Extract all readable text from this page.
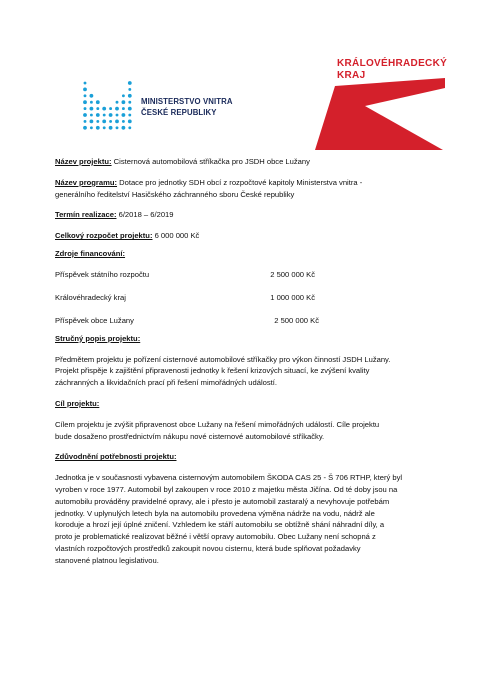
MINISTERSTVO VNITRA
ČESKÉ REPUBLIKY
KRÁLOVÉHRADECKÝ
KRAJ
Název projektu: Cisternová automobilová stříkačka pro JSDH obce Lužany
Název programu: Dotace pro jednotky SDH obcí z rozpočtové kapitoly Ministerstva vnitra -
generálního ředitelství Hasičského záchranného sboru České republiky
Termín realizace: 6/2018 – 6/2019
Celkový rozpočet projektu: 6 000 000 Kč
Zdroje financování:
Příspěvek státního rozpočtu	2 500 000 Kč
Královéhradecký kraj	1 000 000 Kč
Příspěvek obce Lužany	2 500 000 Kč
Stručný popis projektu:
Předmětem projektu je pořízení cisternové automobilové stříkačky pro výkon činností JSDH Lužany.
Projekt přispěje k zajištění připravenosti jednotky k řešení krizových situací, ke zvýšení kvality
záchranných a likvidačních prací při řešení mimořádných událostí.
Cíl projektu:
Cílem projektu je zvýšit připravenost obce Lužany na řešení mimořádných událostí. Cíle projektu
bude dosaženo prostřednictvím nákupu nové cisternové automobilové stříkačky.
Zdůvodnění potřebnosti projektu:
Jednotka je v současnosti vybavena cisternovým automobilem ŠKODA CAS 25 - Š 706 RTHP, který byl
vyroben v roce 1977. Automobil byl zakoupen v roce 2010 z majetku města Jičína. Od té doby jsou na
automobilu prováděny pravidelné opravy, ale i přesto je automobil zastaralý a nevyhovuje potřebám
jednotky. V uplynulých letech byla na automobilu provedena výměna nádrže na vodu, nádrž ale
koroduje a hrozí její úplné zničení. Vzhledem ke stáří automobilu se obtížně shání náhradní díly, a
proto je problematické realizovat běžné i větší opravy automobilu. Obec Lužany není schopná z
vlastních rozpočtových prostředků zakoupit novou cisternu, která bude splňovat požadavky
stanovené platnou legislativou.
